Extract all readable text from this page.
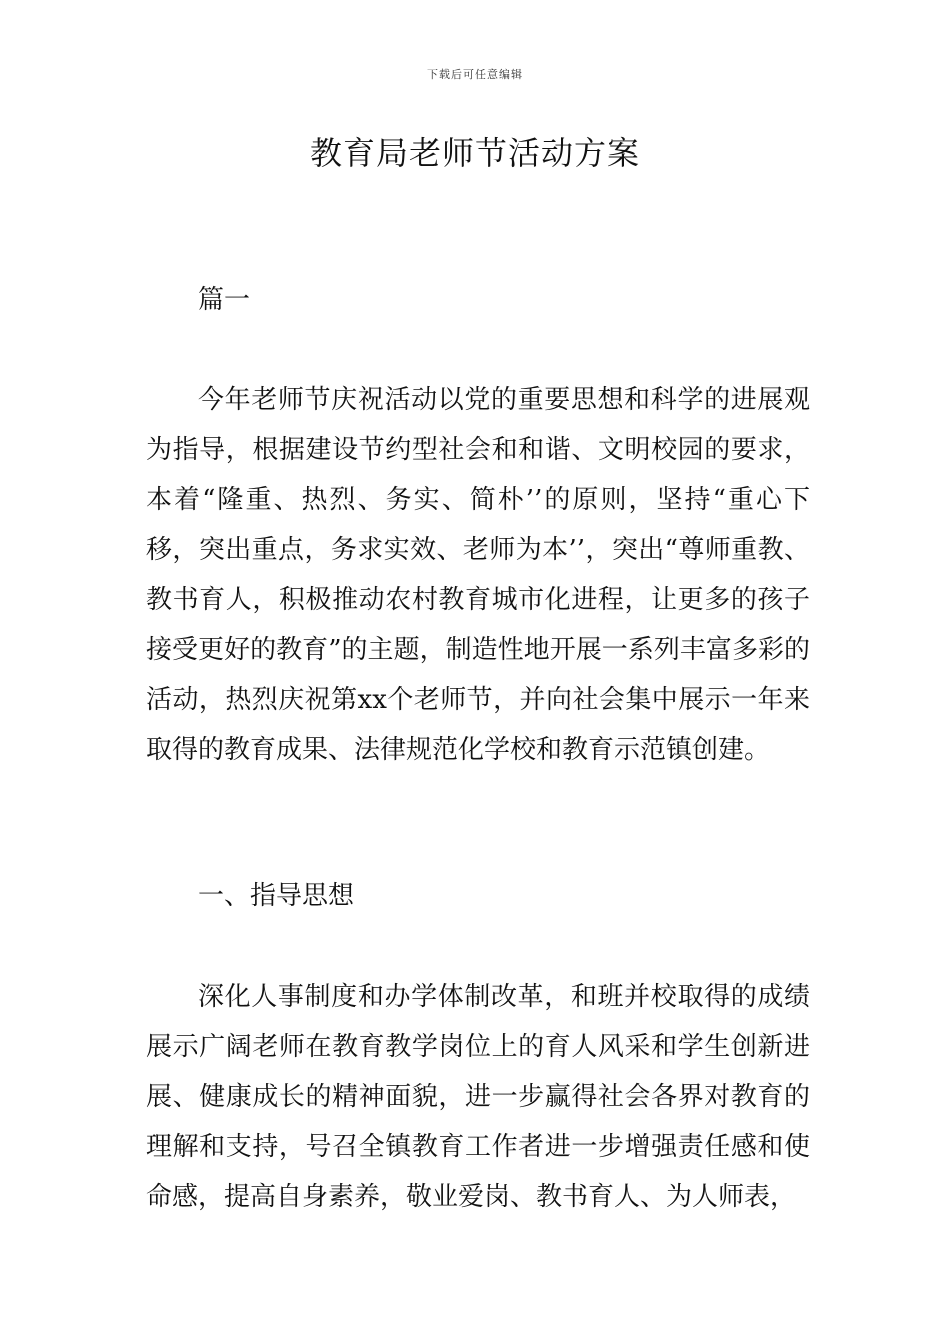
下载后可任意编辑
教育局老师节活动方案
篇一

今年老师节庆祝活动以党的重要思想和科学的进展观为指导，根据建设节约型社会和和谐、文明校园的要求，本着“隆重、热烈、务实、简朴’’的原则，坚持“重心下移，突出重点，务求实效、老师为本’’，突出“尊师重教、教书育人，积极推动农村教育城市化进程，让更多的孩子接受更好的教育”的主题，制造性地开展一系列丰富多彩的活动，热烈庆祝第xx个老师节，并向社会集中展示一年来取得的教育成果、法律规范化学校和教育示范镇创建。

一、指导思想

深化人事制度和办学体制改革，和班并校取得的成绩展示广阔老师在教育教学岗位上的育人风采和学生创新进展、健康成长的精神面貌，进一步赢得社会各界对教育的理解和支持，号召全镇教育工作者进一步增强责任感和使命感，提高自身素养，敬业爱岗、教书育人、为人师表，
